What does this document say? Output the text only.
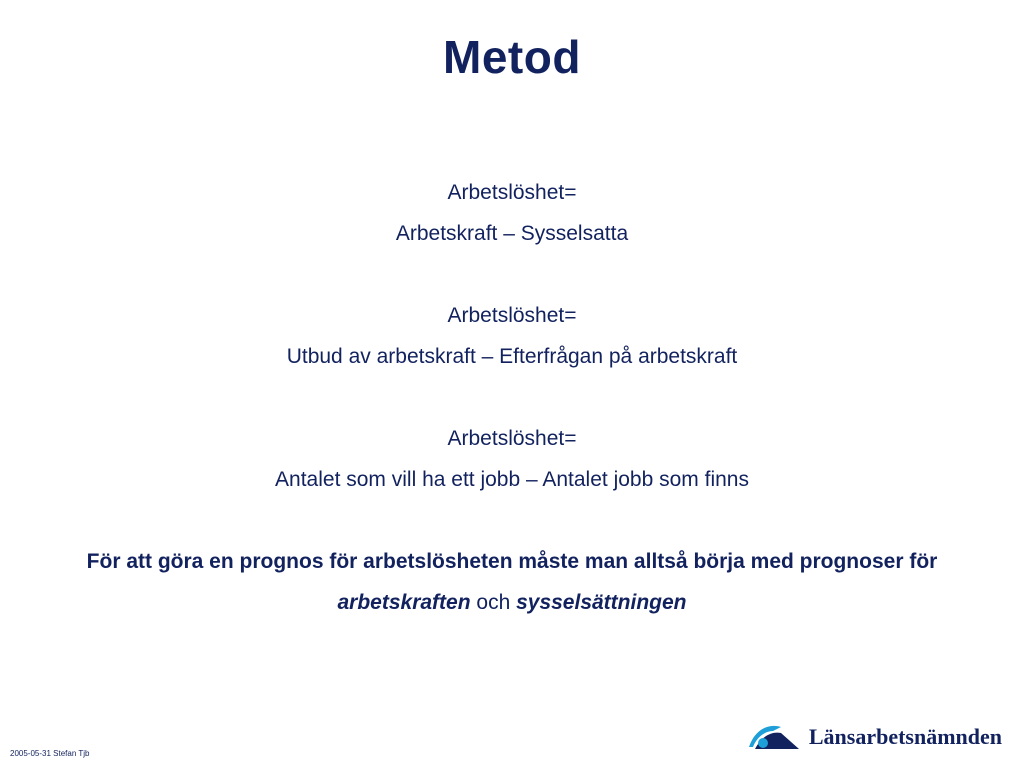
Metod
Arbetslöshet=
Arbetskraft – Sysselsatta
Arbetslöshet=
Utbud av arbetskraft – Efterfrågan på arbetskraft
Arbetslöshet=
Antalet som vill ha ett jobb – Antalet jobb som finns
För att göra en prognos för arbetslösheten måste man alltså börja med prognoser för
arbetskraften och sysselsättningen
2005-05-31 Stefan Tjb
Länsarbetsnämnden
